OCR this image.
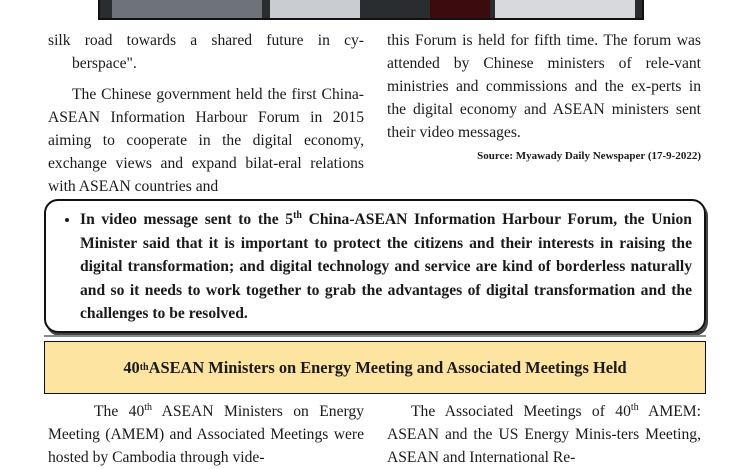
silk road towards a shared future in cy-

berspace".

The Chinese government held the first China-ASEAN Information Harbour Forum in 2015 aiming to cooperate in the digital economy, exchange views and expand bilat-eral relations with ASEAN countries and

this Forum is held for fifth time. The forum was attended by Chinese ministers of rele-vant ministries and commissions and the ex-perts in the digital economy and ASEAN ministers sent their video messages.

Source: Myawady Daily Newspaper (17-9-2022)
• In video message sent to the 5th China-ASEAN Information Harbour Forum, the Union Minister said that it is important to protect the citizens and their interests in raising the digital transformation; and digital technology and service are kind of borderless naturally and so it needs to work together to grab the advantages of digital transformation and the challenges to be resolved.
40 th ASEAN Ministers on Energy Meeting and Associated Meetings Held

The 40th ASEAN Ministers on Energy Meeting (AMEM) and Associated Meetings were hosted by Cambodia through vide-

The Associated Meetings of 40th AMEM: ASEAN and the US Energy Minis-ters Meeting, ASEAN and International Re-
